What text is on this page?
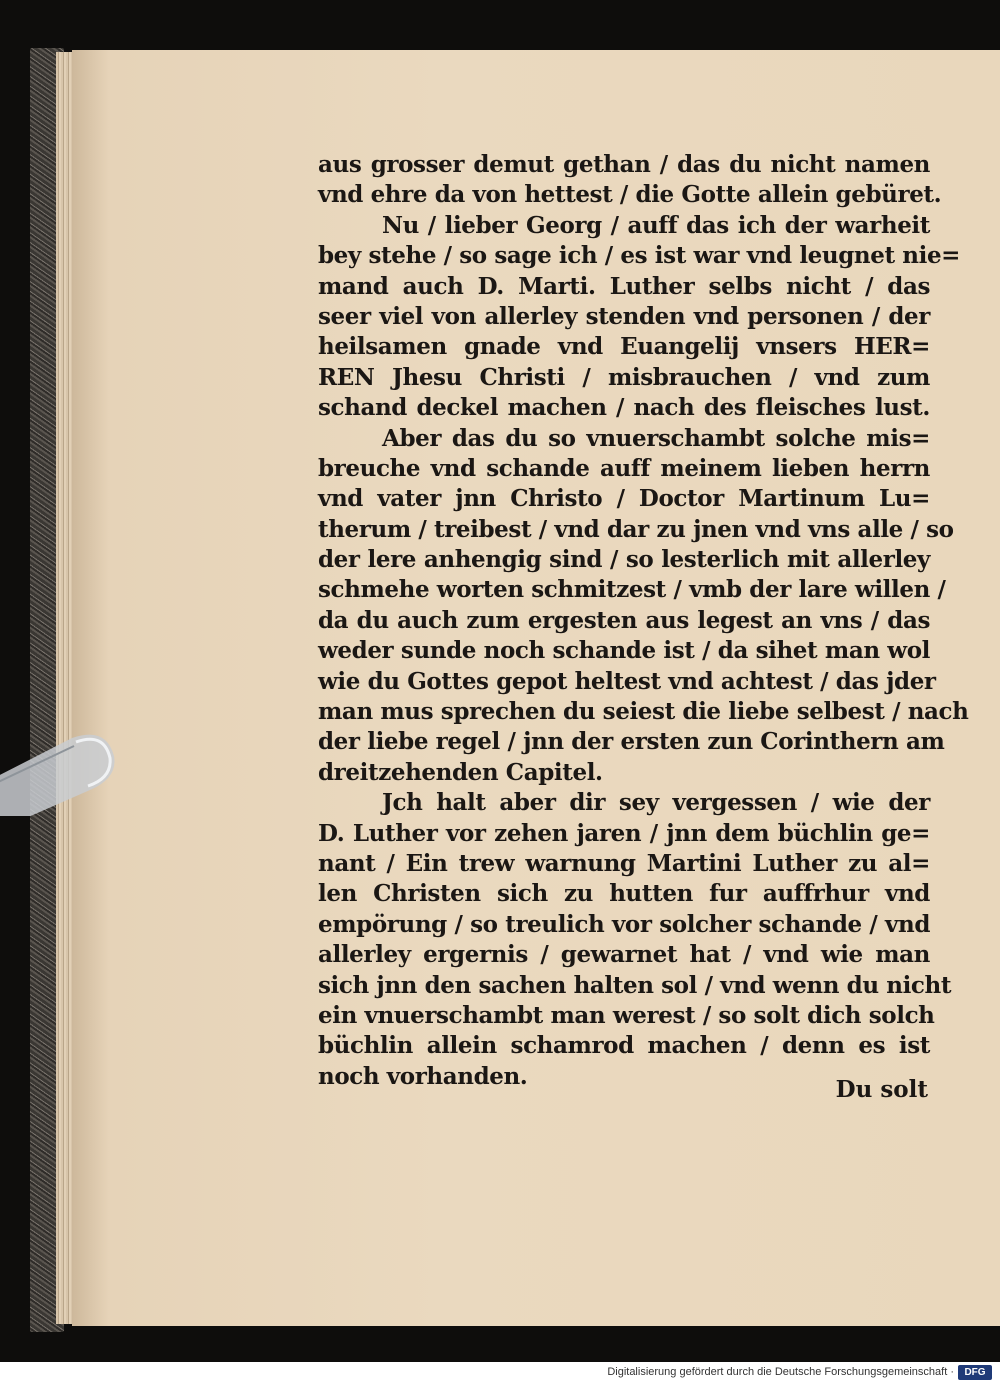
aus grosser demut gethan / das du nicht namen
vnd ehre da von hettest / die Gotte allein gebüret.
Nu / lieber Georg / auff das ich der warheit
bey stehe / so sage ich / es ist war vnd leugnet nie=
mand auch D. Marti. Luther selbs nicht / das
seer viel von allerley stenden vnd personen / der
heilsamen gnade vnd Euangelij vnsers HER=
REN Jhesu Christi / misbrauchen / vnd zum
schand deckel machen / nach des fleisches lust.
Aber das du so vnuerschambt solche mis=
breuche vnd schande auff meinem lieben herrn
vnd vater jnn Christo / Doctor Martinum Lu=
therum / treibest / vnd dar zu jnen vnd vns alle / so
der lere anhengig sind / so lesterlich mit allerley
schmehe worten schmitzest / vmb der lare willen /
da du auch zum ergesten aus legest an vns / das
weder sunde noch schande ist / da sihet man wol
wie du Gottes gepot heltest vnd achtest / das jder
man mus sprechen du seiest die liebe selbest / nach
der liebe regel / jnn der ersten zun Corinthern am
dreitzehenden Capitel.
Jch halt aber dir sey vergessen / wie der
D. Luther vor zehen jaren / jnn dem büchlin ge=
nant / Ein trew warnung Martini Luther zu al=
len Christen sich zu hutten fur auffrhur vnd
empörung / so treulich vor solcher schande / vnd
allerley ergernis / gewarnet hat / vnd wie man
sich jnn den sachen halten sol / vnd wenn du nicht
ein vnuerschambt man werest / so solt dich solch
büchlin allein schamrod machen / denn es ist
noch vorhanden.	Du solt
Digitalisierung gefördert durch die Deutsche Forschungsgemeinschaft ·	DFG
